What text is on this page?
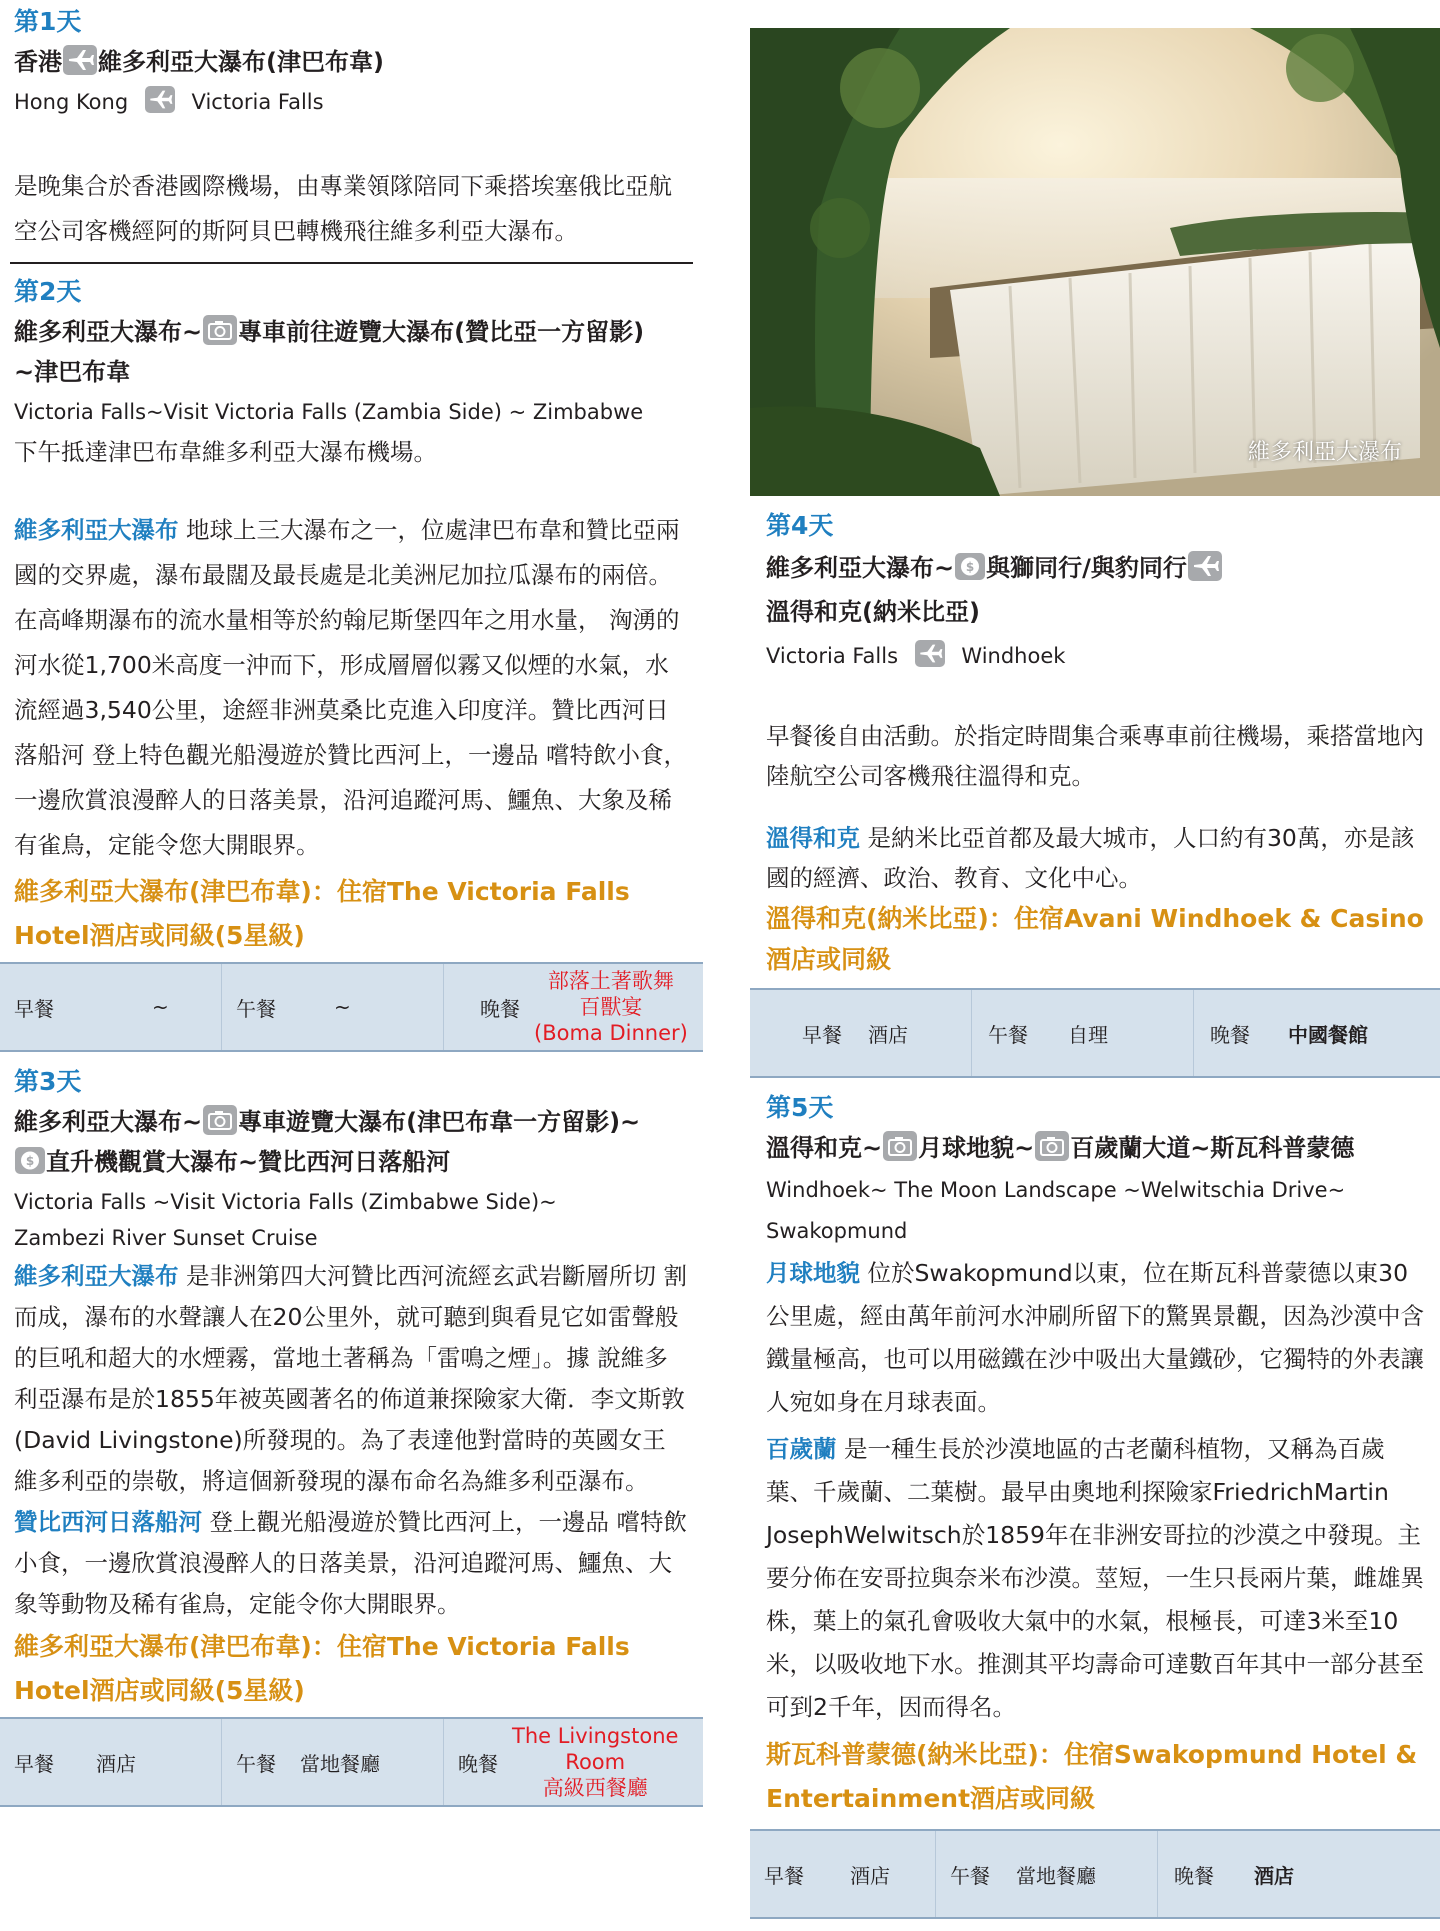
第1天
香港 維多利亞大瀑布(津巴布韋)
Hong Kong	Victoria Falls
是晚集合於香港國際機場，由專業領隊陪同下乘搭埃塞俄比亞航空公司客機經阿的斯阿貝巴轉機飛往維多利亞大瀑布。
第2天
維多利亞大瀑布~ 專車前往遊覽大瀑布(贊比亞一方留影)
~津巴布韋
Victoria Falls~Visit Victoria Falls (Zambia Side) ~ Zimbabwe
下午抵達津巴布韋維多利亞大瀑布機場。
維多利亞大瀑布 地球上三大瀑布之一，位處津巴布韋和贊比亞兩國的交界處，瀑布最闊及最長處是北美洲尼加拉瓜瀑布的兩倍。在高峰期瀑布的流水量相等於約翰尼斯堡四年之用水量， 洶湧的河水從1,700米高度一沖而下，形成層層似霧又似煙的水氣，水流經過3,540公里，途經非洲莫桑比克進入印度洋。贊比西河日落船河 登上特色觀光船漫遊於贊比西河上，一邊品 嚐特飲小食，一邊欣賞浪漫醉人的日落美景，沿河追蹤河馬、鱷魚、大象及稀有雀鳥，定能令您大開眼界。
維多利亞大瀑布(津巴布韋)：住宿The Victoria Falls Hotel酒店或同級(5星級)
早餐	~	午餐	~	晚餐
部落土著歌舞
百獸宴
(Boma Dinner)
第3天
維多利亞大瀑布~ 專車遊覽大瀑布(津巴布韋一方留影)~

$ 直升機觀賞大瀑布~贊比西河日落船河
Victoria Falls ~Visit Victoria Falls (Zimbabwe Side)~
Zambezi River Sunset Cruise
維多利亞大瀑布 是非洲第四大河贊比西河流經玄武岩斷層所切 割而成，瀑布的水聲讓人在20公里外，就可聽到與看見它如雷聲般的巨吼和超大的水煙霧，當地土著稱為「雷鳴之煙」。據 說維多利亞瀑布是於1855年被英國著名的佈道兼探險家大衛．李文斯敦(David Livingstone)所發現的。為了表達他對當時的英國女王維多利亞的崇敬，將這個新發現的瀑布命名為維多利亞瀑布。
贊比西河日落船河 登上觀光船漫遊於贊比西河上，一邊品 嚐特飲小食，一邊欣賞浪漫醉人的日落美景，沿河追蹤河馬、鱷魚、大象等動物及稀有雀鳥，定能令你大開眼界。
維多利亞大瀑布(津巴布韋)：住宿The Victoria Falls Hotel酒店或同級(5星級)
早餐 酒店	午餐 當地餐廳	晚餐
The Livingstone
Room
高級西餐廳
維多利亞大瀑布
第4天
維多利亞大瀑布~ $ 與獅同行/與豹同行

溫得和克(納米比亞)
Victoria Falls	Windhoek
早餐後自由活動。於指定時間集合乘專車前往機場，乘搭當地內陸航空公司客機飛往溫得和克。
溫得和克 是納米比亞首都及最大城市，人口約有30萬，亦是該國的經濟、政治、教育、文化中心。
溫得和克(納米比亞)：住宿Avani Windhoek & Casino酒店或同級
早餐 酒店	午餐 自理	晚餐 中國餐館
第5天
溫得和克~ 月球地貌~ 百歲蘭大道~斯瓦科普蒙德
Windhoek~ The Moon Landscape ~Welwitschia Drive~
Swakopmund
月球地貌 位於Swakopmund以東，位在斯瓦科普蒙德以東30公里處，經由萬年前河水沖刷所留下的驚異景觀，因為沙漠中含鐵量極高，也可以用磁鐵在沙中吸出大量鐵砂，它獨特的外表讓人宛如身在月球表面。
百歲蘭 是一種生長於沙漠地區的古老蘭科植物，又稱為百歲葉、千歲蘭、二葉樹。最早由奧地利探險家FriedrichMartin JosephWelwitsch於1859年在非洲安哥拉的沙漠之中發現。主要分佈在安哥拉與奈米布沙漠。莖短，一生只長兩片葉，雌雄異株，葉上的氣孔會吸收大氣中的水氣，根極長，可達3米至10米，以吸收地下水。推測其平均壽命可達數百年其中一部分甚至可到2千年，因而得名。
斯瓦科普蒙德(納米比亞)：住宿Swakopmund Hotel & Entertainment酒店或同級
早餐 酒店	午餐 當地餐廳	晚餐 酒店
